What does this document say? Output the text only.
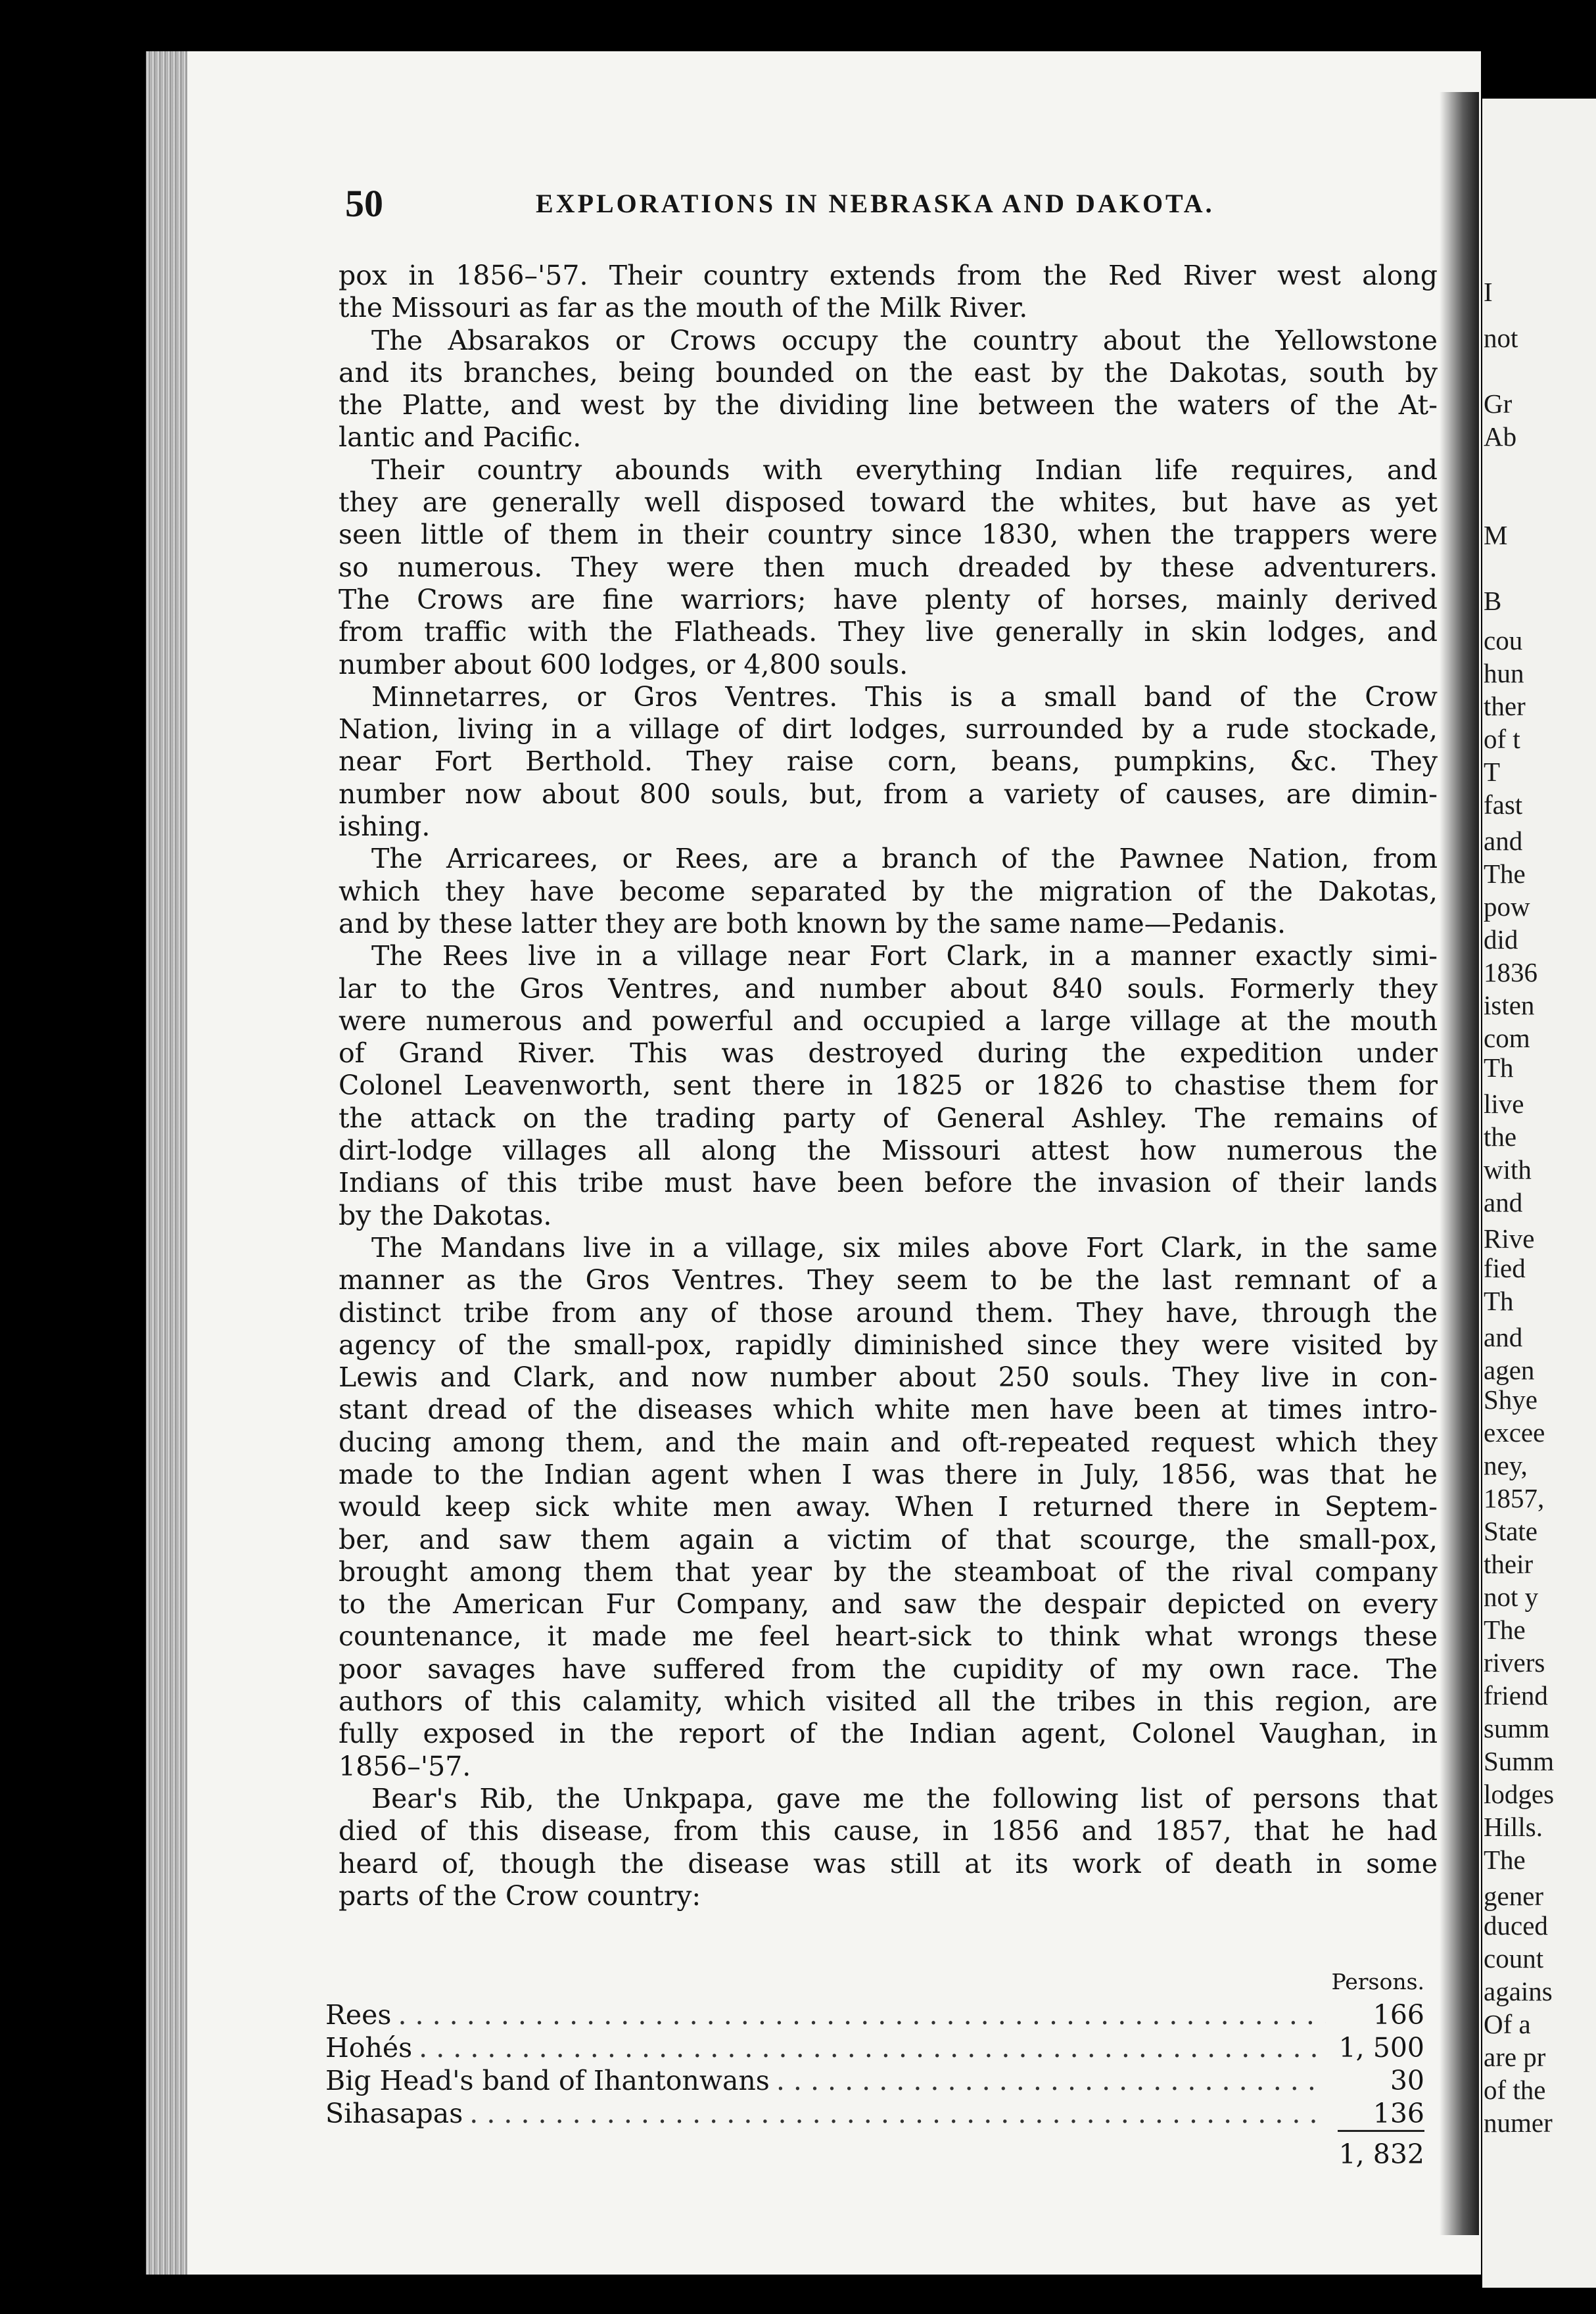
I
not
Gr
Ab
M
B
cou
hun
ther
of t
T
fast
and
The
pow
did
1836
isten
com
Th
live
the
with
and
Rive
fied
Th
and
agen
Shye
excee
ney,
1857,
State
their
not y
The
rivers
friend
summ
Summ
lodges
Hills.
The
gener
duced
count
agains
Of a
are pr
of the
numer
50	EXPLORATIONS IN NEBRASKA AND DAKOTA.
pox in 1856–'57. Their country extends from the Red River west along
the Missouri as far as the mouth of the Milk River.
The Absarakos or Crows occupy the country about the Yellowstone
and its branches, being bounded on the east by the Dakotas, south by
the Platte, and west by the dividing line between the waters of the At-
lantic and Pacific.
Their country abounds with everything Indian life requires, and
they are generally well disposed toward the whites, but have as yet
seen little of them in their country since 1830, when the trappers were
so numerous. They were then much dreaded by these adventurers.
The Crows are fine warriors; have plenty of horses, mainly derived
from traffic with the Flatheads. They live generally in skin lodges, and
number about 600 lodges, or 4,800 souls.
Minnetarres, or Gros Ventres. This is a small band of the Crow
Nation, living in a village of dirt lodges, surrounded by a rude stockade,
near Fort Berthold. They raise corn, beans, pumpkins, &c. They
number now about 800 souls, but, from a variety of causes, are dimin-
ishing.
The Arricarees, or Rees, are a branch of the Pawnee Nation, from
which they have become separated by the migration of the Dakotas,
and by these latter they are both known by the same name—Pedanis.
The Rees live in a village near Fort Clark, in a manner exactly simi-
lar to the Gros Ventres, and number about 840 souls. Formerly they
were numerous and powerful and occupied a large village at the mouth
of Grand River. This was destroyed during the expedition under
Colonel Leavenworth, sent there in 1825 or 1826 to chastise them for
the attack on the trading party of General Ashley. The remains of
dirt-lodge villages all along the Missouri attest how numerous the
Indians of this tribe must have been before the invasion of their lands
by the Dakotas.
The Mandans live in a village, six miles above Fort Clark, in the same
manner as the Gros Ventres. They seem to be the last remnant of a
distinct tribe from any of those around them. They have, through the
agency of the small-pox, rapidly diminished since they were visited by
Lewis and Clark, and now number about 250 souls. They live in con-
stant dread of the diseases which white men have been at times intro-
ducing among them, and the main and oft-repeated request which they
made to the Indian agent when I was there in July, 1856, was that he
would keep sick white men away. When I returned there in Septem-
ber, and saw them again a victim of that scourge, the small-pox,
brought among them that year by the steamboat of the rival company
to the American Fur Company, and saw the despair depicted on every
countenance, it made me feel heart-sick to think what wrongs these
poor savages have suffered from the cupidity of my own race. The
authors of this calamity, which visited all the tribes in this region, are
fully exposed in the report of the Indian agent, Colonel Vaughan, in
1856–'57.
Bear's Rib, the Unkpapa, gave me the following list of persons that
died of this disease, from this cause, in 1856 and 1857, that he had
heard of, though the disease was still at its work of death in some
parts of the Crow country:
Persons.
Rees . . .	166
Hohés . . .	1, 500
Big Head's band of Ihantonwans . . .	30
Sihasapas . . .	136
1, 832
